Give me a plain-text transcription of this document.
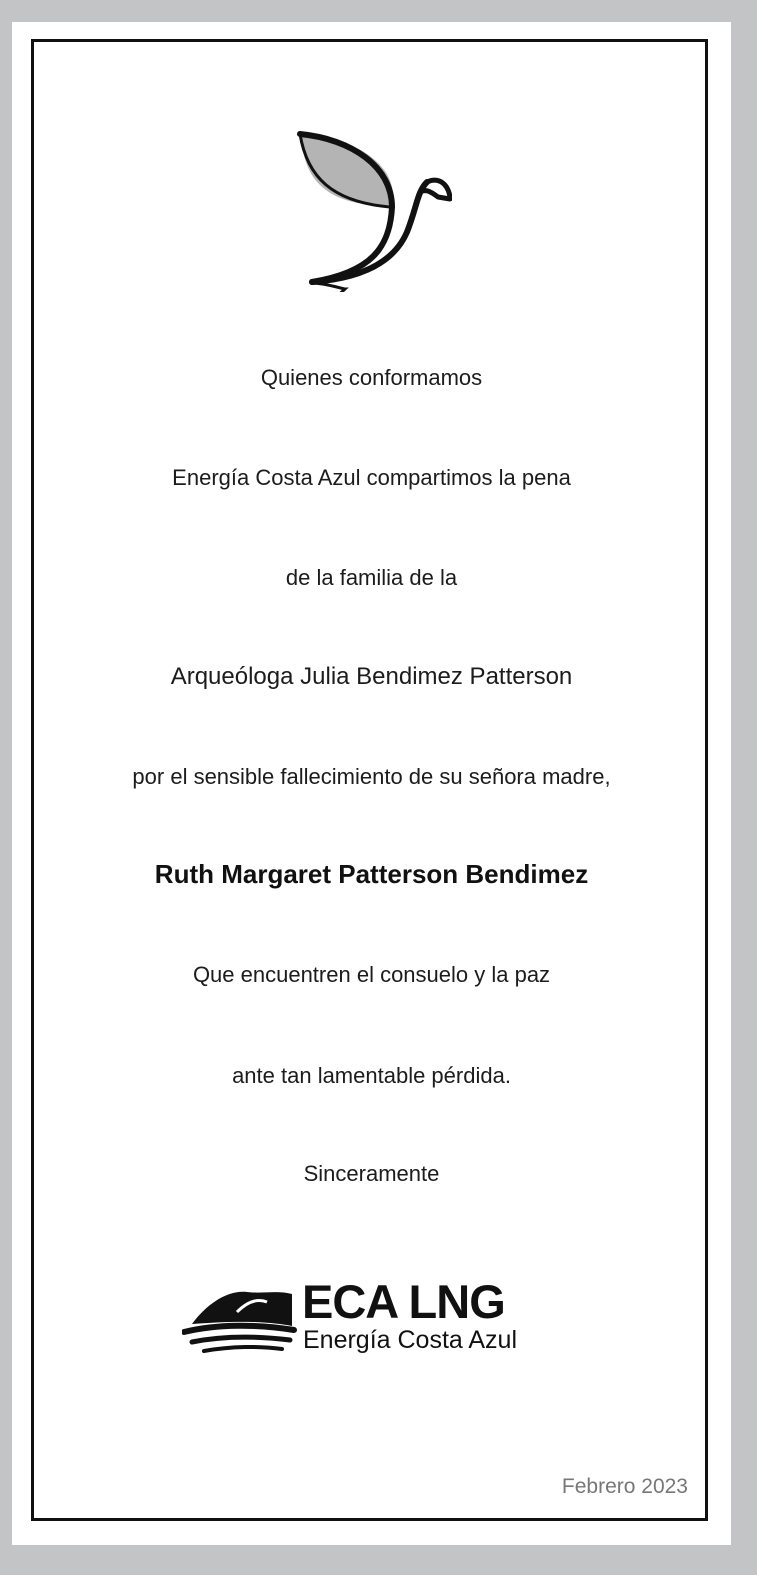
Quienes conformamos
Energía Costa Azul compartimos la pena
de la familia de la
Arqueóloga Julia Bendimez Patterson
por el sensible fallecimiento de su señora madre,
Ruth Margaret Patterson Bendimez
Que encuentren el consuelo y la paz
ante tan lamentable pérdida.
Sinceramente
ECA LNG
Energía Costa Azul
Febrero 2023
